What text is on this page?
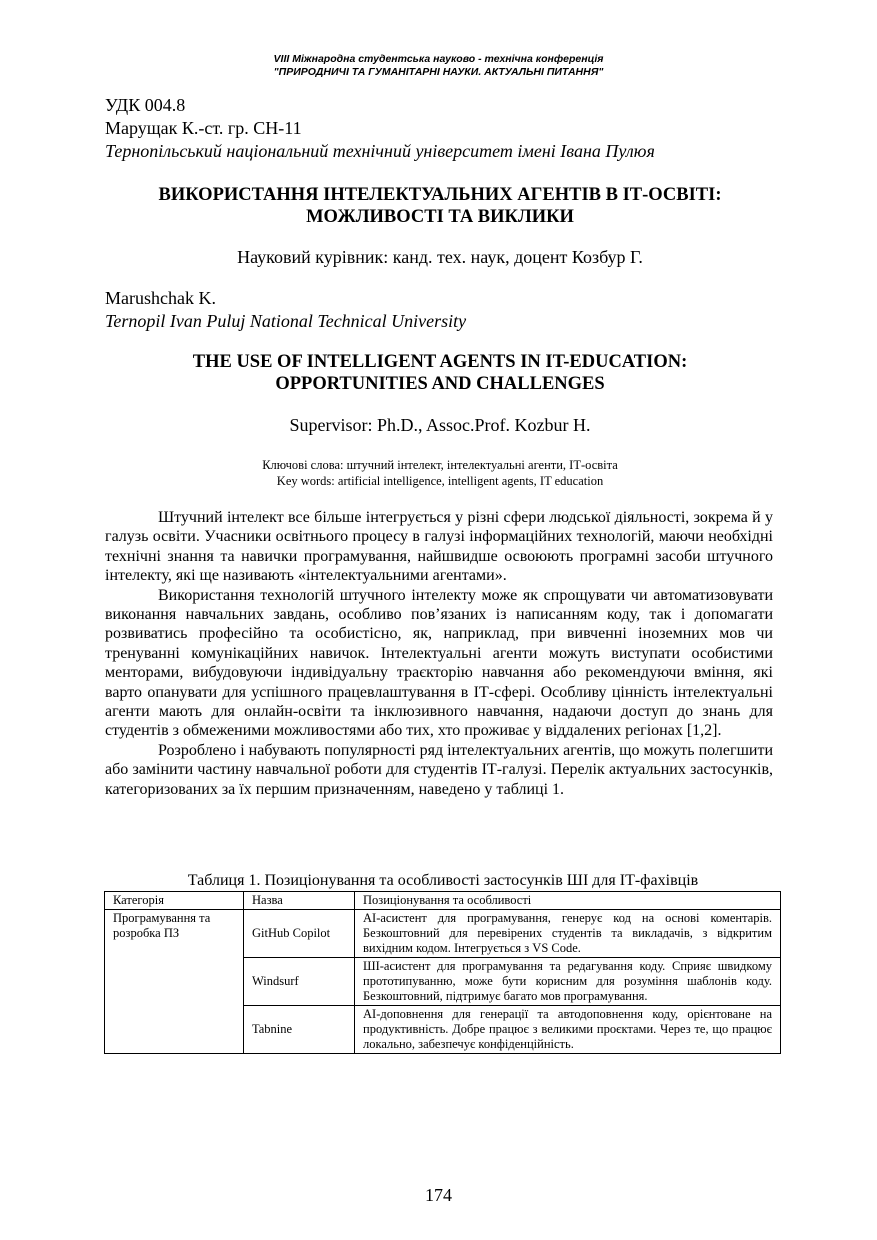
VIII Міжнародна студентська науково - технічна конференція
"ПРИРОДНИЧІ ТА ГУМАНІТАРНІ НАУКИ. АКТУАЛЬНІ ПИТАННЯ"
УДК 004.8
Марущак К.-ст. гр. СН-11
Тернопільський національний технічний університет імені Івана Пулюя
ВИКОРИСТАННЯ ІНТЕЛЕКТУАЛЬНИХ АГЕНТІВ В ІТ-ОСВІТІ:
МОЖЛИВОСТІ ТА ВИКЛИКИ
Науковий курівник: канд. тех. наук, доцент Козбур Г.
Marushchak K.
Ternopil Ivan Puluj National Technical University
THE USE OF INTELLIGENT AGENTS IN IT-EDUCATION:
OPPORTUNITIES AND CHALLENGES
Supervisor: Ph.D., Assoc.Prof. Kozbur H.
Ключові слова: штучний інтелект, інтелектуальні агенти, ІТ-освіта
Key words: artificial intelligence, intelligent agents, IT education

Штучний інтелект все більше інтегрується у різні сфери людської діяльності, зокрема й у галузь освіти. Учасники освітнього процесу в галузі інформаційних технологій, маючи необхідні технічні знання та навички програмування, найшвидше освоюють програмні засоби штучного інтелекту, які ще називають «інтелектуальними агентами».

Використання технологій штучного інтелекту може як спрощувати чи автоматизовувати виконання навчальних завдань, особливо пов’язаних із написанням коду, так і допомагати розвиватись професійно та особистісно, як, наприклад, при вивченні іноземних мов чи тренуванні комунікаційних навичок. Інтелектуальні агенти можуть виступати особистими менторами, вибудовуючи індивідуальну траєкторію навчання або рекомендуючи вміння, які варто опанувати для успішного працевлаштування в ІТ-сфері. Особливу цінність інтелектуальні агенти мають для онлайн-освіти та інклюзивного навчання, надаючи доступ до знань для студентів з обмеженими можливостями або тих, хто проживає у віддалених регіонах [1,2].

Розроблено і набувають популярності ряд інтелектуальних агентів, що можуть полегшити або замінити частину навчальної роботи для студентів ІТ-галузі. Перелік актуальних застосунків, категоризованих за їх першим призначенням, наведено у таблиці 1.

Таблиця 1. Позиціонування та особливості застосунків ШІ для ІТ-фахівців
Категорія	Назва	Позиціонування та особливості
Програмування та розробка ПЗ	GitHub Copilot	AI-асистент для програмування, генерує код на основі коментарів. Безкоштовний для перевірених студентів та викладачів, з відкритим вихідним кодом. Інтегрується з VS Code.
	Windsurf	ШІ-асистент для програмування та редагування коду. Сприяє швидкому прототипуванню, може бути корисним для розуміння шаблонів коду. Безкоштовний, підтримує багато мов програмування.
	Tabnine	AI-доповнення для генерації та автодоповнення коду, орієнтоване на продуктивність. Добре працює з великими проєктами. Через те, що працює локально, забезпечує конфіденційність.
174
